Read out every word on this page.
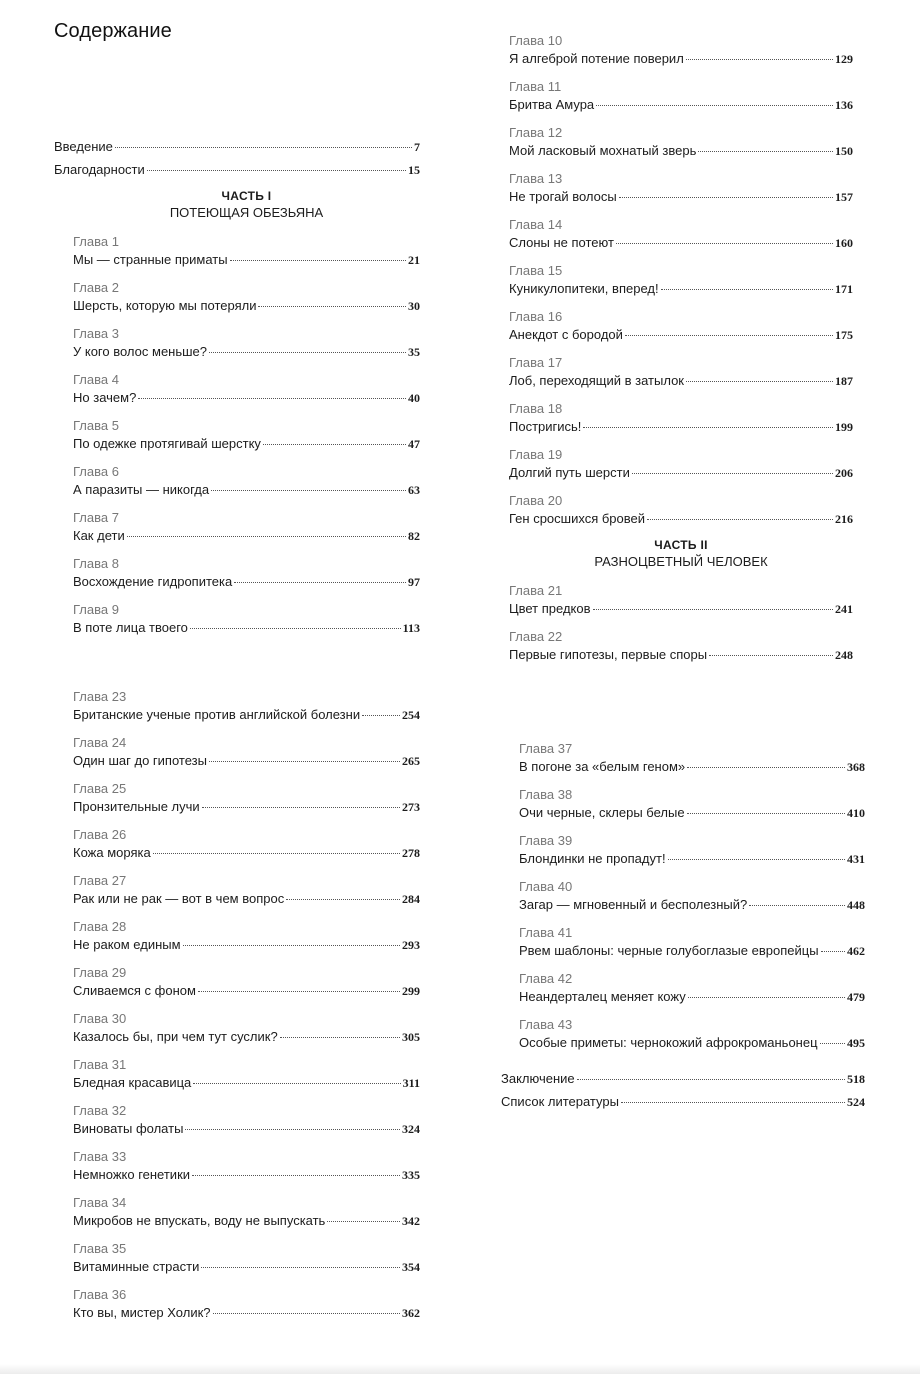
Содержание
Введение	7
Благодарности	15
ЧАСТЬ I
ПОТЕЮЩАЯ ОБЕЗЬЯНА
Глава 1
Мы — странные приматы	21
Глава 2
Шерсть, которую мы потеряли	30
Глава 3
У кого волос меньше?	35
Глава 4
Но зачем?	40
Глава 5
По одежке протягивай шерстку	47
Глава 6
А паразиты — никогда	63
Глава 7
Как дети	82
Глава 8
Восхождение гидропитека	97
Глава 9
В поте лица твоего	113
Глава 10
Я алгеброй потение поверил	129
Глава 11
Бритва Амура	136
Глава 12
Мой ласковый мохнатый зверь	150
Глава 13
Не трогай волосы	157
Глава 14
Слоны не потеют	160
Глава 15
Куникулопитеки, вперед!	171
Глава 16
Анекдот с бородой	175
Глава 17
Лоб, переходящий в затылок	187
Глава 18
Постригись!	199
Глава 19
Долгий путь шерсти	206
Глава 20
Ген сросшихся бровей	216
ЧАСТЬ II
РАЗНОЦВЕТНЫЙ ЧЕЛОВЕК
Глава 21
Цвет предков	241
Глава 22
Первые гипотезы, первые споры	248
Глава 23
Британские ученые против английской болезни	254
Глава 24
Один шаг до гипотезы	265
Глава 25
Пронзительные лучи	273
Глава 26
Кожа моряка	278
Глава 27
Рак или не рак — вот в чем вопрос	284
Глава 28
Не раком единым	293
Глава 29
Сливаемся с фоном	299
Глава 30
Казалось бы, при чем тут суслик?	305
Глава 31
Бледная красавица	311
Глава 32
Виноваты фолаты	324
Глава 33
Немножко генетики	335
Глава 34
Микробов не впускать, воду не выпускать	342
Глава 35
Витаминные страсти	354
Глава 36
Кто вы, мистер Холик?	362
Глава 37
В погоне за «белым геном»	368
Глава 38
Очи черные, склеры белые	410
Глава 39
Блондинки не пропадут!	431
Глава 40
Загар — мгновенный и бесполезный?	448
Глава 41
Рвем шаблоны: черные голубоглазые европейцы 462
Глава 42
Неандерталец меняет кожу	479
Глава 43
Особые приметы: чернокожий афрокроманьонец 495
Заключение	518
Список литературы	524
